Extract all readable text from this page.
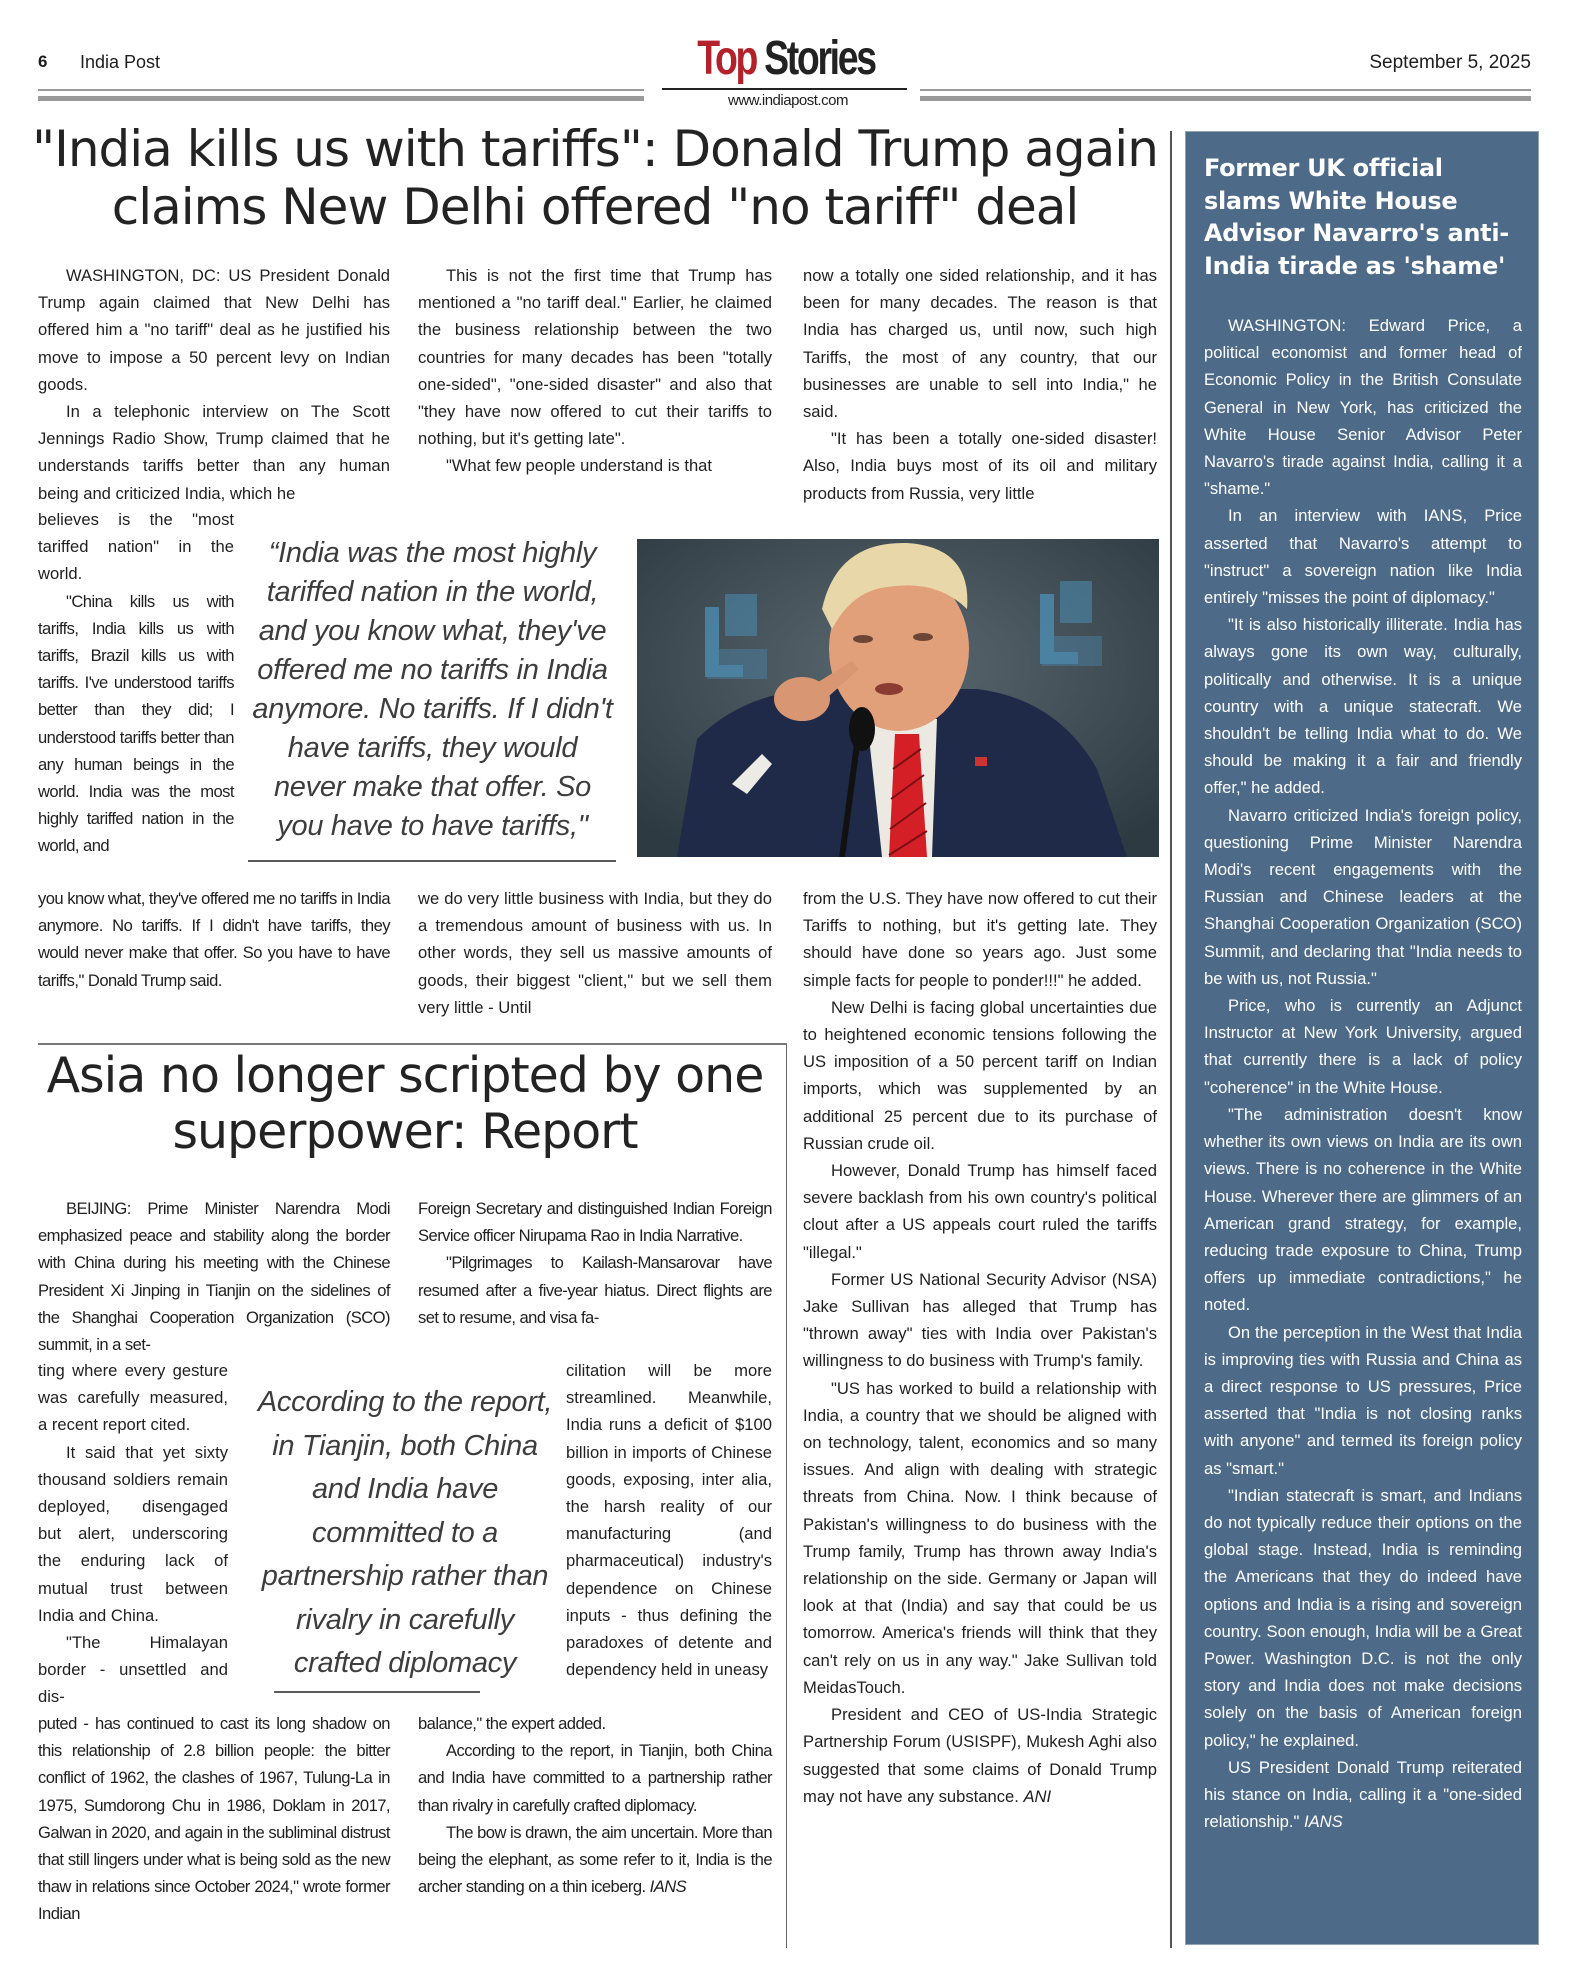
6 India Post	Top Stories
www.indiapost.com
September 5, 2025
"India kills us with tariffs": Donald Trump again claims New Delhi offered "no tariff" deal

WASHINGTON, DC: US President Donald Trump again claimed that New Delhi has offered him a "no tariff" deal as he justified his move to impose a 50 percent levy on Indian goods.

In a telephonic interview on The Scott Jennings Radio Show, Trump claimed that he understands tariffs better than any human being and criticized India, which he

believes is the "most tariffed nation" in the world.

"China kills us with tariffs, India kills us with tariffs, Brazil kills us with tariffs. I've understood tariffs better than they did; I understood tariffs better than any human beings in the world. India was the most highly tariffed nation in the world, and

you know what, they've offered me no tariffs in India anymore. No tariffs. If I didn't have tariffs, they would never make that offer. So you have to have tariffs," Donald Trump said.

This is not the first time that Trump has mentioned a "no tariff deal." Earlier, he claimed the business relationship between the two countries for many decades has been "totally one-sided", "one-sided disaster" and also that "they have now offered to cut their tariffs to nothing, but it's getting late".

"What few people understand is that

we do very little business with India, but they do a tremendous amount of business with us. In other words, they sell us massive amounts of goods, their biggest "client," but we sell them very little - Until

now a totally one sided relationship, and it has been for many decades. The reason is that India has charged us, until now, such high Tariffs, the most of any country, that our businesses are unable to sell into India," he said.

"It has been a totally one-sided disaster! Also, India buys most of its oil and military products from Russia, very little

from the U.S. They have now offered to cut their Tariffs to nothing, but it's getting late. They should have done so years ago. Just some simple facts for people to ponder!!!" he added.

New Delhi is facing global uncertainties due to heightened economic tensions following the US imposition of a 50 percent tariff on Indian imports, which was supplemented by an additional 25 percent due to its purchase of Russian crude oil.

However, Donald Trump has himself faced severe backlash from his own country's political clout after a US appeals court ruled the tariffs "illegal."

Former US National Security Advisor (NSA) Jake Sullivan has alleged that Trump has "thrown away" ties with India over Pakistan's willingness to do business with Trump's family.

"US has worked to build a relationship with India, a country that we should be aligned with on technology, talent, economics and so many issues. And align with dealing with strategic threats from China. Now. I think because of Pakistan's willingness to do business with the Trump family, Trump has thrown away India's relationship on the side. Germany or Japan will look at that (India) and say that could be us tomorrow. America's friends will think that they can't rely on us in any way." Jake Sullivan told MeidasTouch.

President and CEO of US-India Strategic Partnership Forum (USISPF), Mukesh Aghi also suggested that some claims of Donald Trump may not have any substance. ANI

“India was the most highly tariffed nation in the world, and you know what, they've offered me no tariffs in India anymore. No tariffs. If I didn't have tariffs, they would never make that offer. So you have to have tariffs,"
Asia no longer scripted by one superpower: Report

BEIJING: Prime Minister Narendra Modi emphasized peace and stability along the border with China during his meeting with the Chinese President Xi Jinping in Tianjin on the sidelines of the Shanghai Cooperation Organization (SCO) summit, in a set-

ting where every gesture was carefully measured, a recent report cited.

It said that yet sixty thousand soldiers remain deployed, disengaged but alert, underscoring the enduring lack of mutual trust between India and China.

"The Himalayan border - unsettled and dis-

puted - has continued to cast its long shadow on this relationship of 2.8 billion people: the bitter conflict of 1962, the clashes of 1967, Tulung-La in 1975, Sumdorong Chu in 1986, Doklam in 2017, Galwan in 2020, and again in the subliminal distrust that still lingers under what is being sold as the new thaw in relations since October 2024," wrote former Indian

Foreign Secretary and distinguished Indian Foreign Service officer Nirupama Rao in India Narrative.

"Pilgrimages to Kailash-Mansarovar have resumed after a five-year hiatus. Direct flights are set to resume, and visa fa-

cilitation will be more streamlined. Meanwhile, India runs a deficit of $100 billion in imports of Chinese goods, exposing, inter alia, the harsh reality of our manufacturing (and pharmaceutical) industry's dependence on Chinese inputs - thus defining the paradoxes of detente and dependency held in uneasy

balance," the expert added.

According to the report, in Tianjin, both China and India have committed to a partnership rather than rivalry in carefully crafted diplomacy.

The bow is drawn, the aim uncertain. More than being the elephant, as some refer to it, India is the archer standing on a thin iceberg. IANS

According to the report, in Tianjin, both China and India have committed to a partnership rather than rivalry in carefully crafted diplomacy
Former UK official slams White House Advisor Navarro's anti-India tirade as 'shame'

WASHINGTON: Edward Price, a political economist and former head of Economic Policy in the British Consulate General in New York, has criticized the White House Senior Advisor Peter Navarro's tirade against India, calling it a "shame."

In an interview with IANS, Price asserted that Navarro's attempt to "instruct" a sovereign nation like India entirely "misses the point of diplomacy."

"It is also historically illiterate. India has always gone its own way, culturally, politically and otherwise. It is a unique country with a unique statecraft. We shouldn't be telling India what to do. We should be making it a fair and friendly offer," he added.

Navarro criticized India's foreign policy, questioning Prime Minister Narendra Modi's recent engagements with the Russian and Chinese leaders at the Shanghai Cooperation Organization (SCO) Summit, and declaring that "India needs to be with us, not Russia."

Price, who is currently an Adjunct Instructor at New York University, argued that currently there is a lack of policy "coherence" in the White House.

"The administration doesn't know whether its own views on India are its own views. There is no coherence in the White House. Wherever there are glimmers of an American grand strategy, for example, reducing trade exposure to China, Trump offers up immediate contradictions," he noted.

On the perception in the West that India is improving ties with Russia and China as a direct response to US pressures, Price asserted that "India is not closing ranks with anyone" and termed its foreign policy as "smart."

"Indian statecraft is smart, and Indians do not typically reduce their options on the global stage. Instead, India is reminding the Americans that they do indeed have options and India is a rising and sovereign country. Soon enough, India will be a Great Power. Washington D.C. is not the only story and India does not make decisions solely on the basis of American foreign policy," he explained.

US President Donald Trump reiterated his stance on India, calling it a "one-sided relationship." IANS
